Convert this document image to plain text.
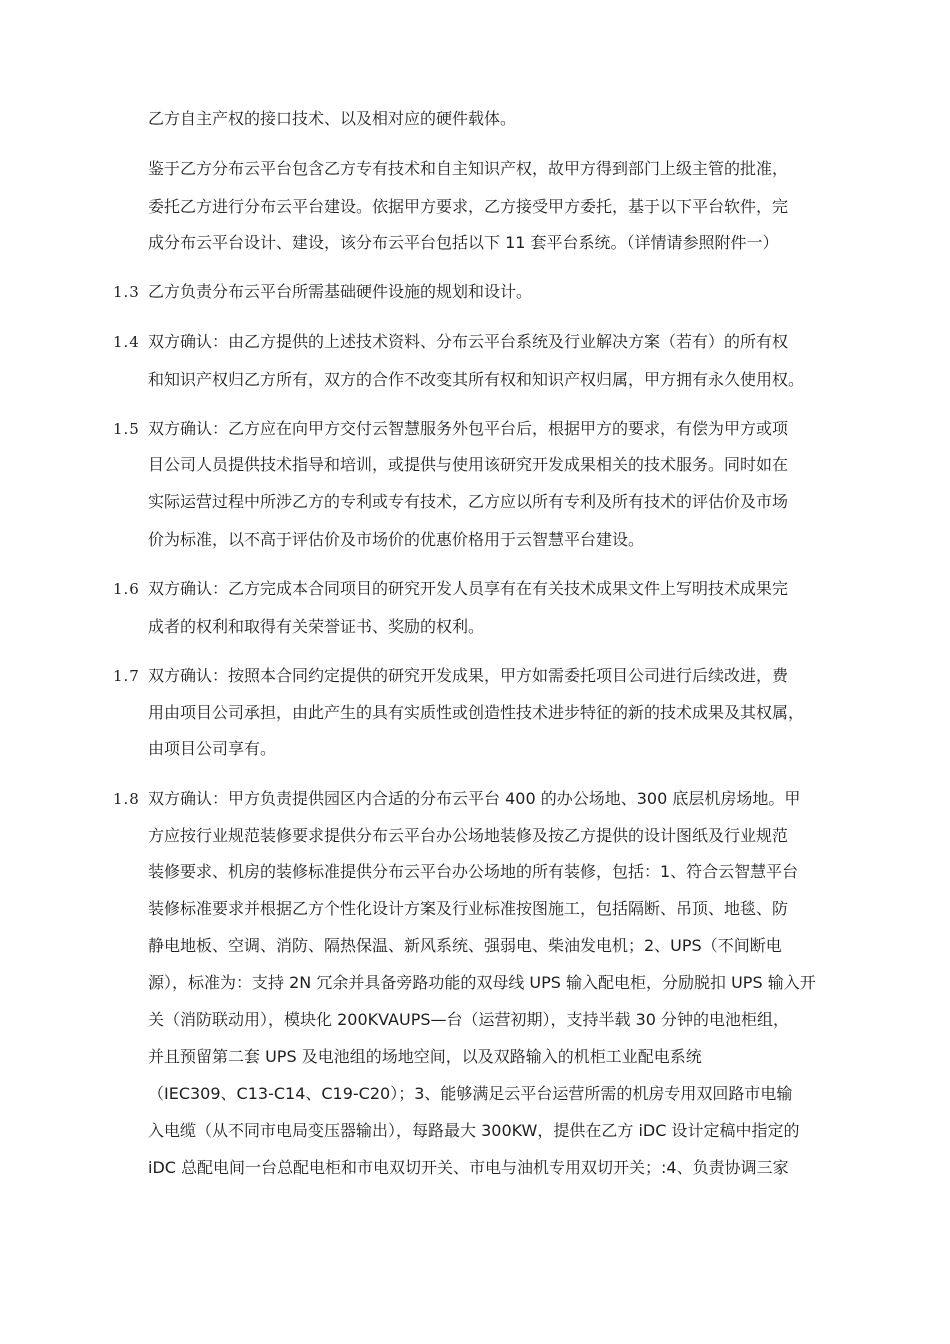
乙方自主产权的接口技术、以及相对应的硬件载体。
鉴于乙方分布云平台包含乙方专有技术和自主知识产权，故甲方得到部门上级主管的批准，
委托乙方进行分布云平台建设。依据甲方要求，乙方接受甲方委托，基于以下平台软件，完
成分布云平台设计、建设，该分布云平台包括以下 11 套平台系统。（详情请参照附件一）
乙方负责分布云平台所需基础硬件设施的规划和设计。
1.3
双方确认：由乙方提供的上述技术资料、分布云平台系统及行业解决方案（若有）的所有权
和知识产权归乙方所有，双方的合作不改变其所有权和知识产权归属，甲方拥有永久使用权。
1.4
双方确认：乙方应在向甲方交付云智慧服务外包平台后，根据甲方的要求，有偿为甲方或项
目公司人员提供技术指导和培训，或提供与使用该研究开发成果相关的技术服务。同时如在
实际运营过程中所涉乙方的专利或专有技术，乙方应以所有专利及所有技术的评估价及市场
价为标准，以不高于评估价及市场价的优惠价格用于云智慧平台建设。
1.5
双方确认：乙方完成本合同项目的研究开发人员享有在有关技术成果文件上写明技术成果完
成者的权利和取得有关荣誉证书、奖励的权利。
1.6
双方确认：按照本合同约定提供的研究开发成果，甲方如需委托项目公司进行后续改进，费
用由项目公司承担，由此产生的具有实质性或创造性技术进步特征的新的技术成果及其权属，
由项目公司享有。
1.7
双方确认：甲方负责提供园区内合适的分布云平台 400 的办公场地、300 底层机房场地。甲
方应按行业规范装修要求提供分布云平台办公场地装修及按乙方提供的设计图纸及行业规范
装修要求、机房的装修标准提供分布云平台办公场地的所有装修，包括：1、符合云智慧平台
装修标准要求并根据乙方个性化设计方案及行业标准按图施工，包括隔断、吊顶、地毯、防
静电地板、空调、消防、隔热保温、新风系统、强弱电、柴油发电机；2、UPS（不间断电
源），标准为：支持 2N 冗余并具备旁路功能的双母线 UPS 输入配电柜，分励脱扣 UPS 输入开
关（消防联动用），模块化 200KVAUPS—台（运营初期），支持半载 30 分钟的电池柜组，
并且预留第二套 UPS 及电池组的场地空间，以及双路输入的机柜工业配电系统
（IEC309、C13-C14、C19-C20）；3、能够满足云平台运营所需的机房专用双回路市电输
入电缆（从不同市电局变压器输出），每路最大 300KW，提供在乙方 iDC 设计定稿中指定的
iDC 总配电间一台总配电柜和市电双切开关、市电与油机专用双切开关；:4、负责协调三家
1.8
